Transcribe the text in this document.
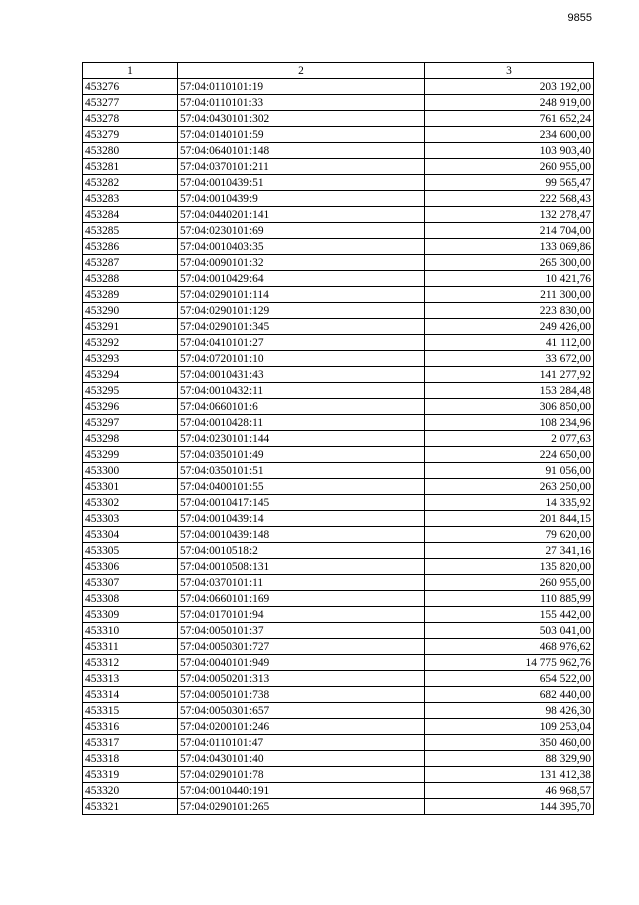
9855
1	2	3
453276	57:04:0110101:19	203 192,00
453277	57:04:0110101:33	248 919,00
453278	57:04:0430101:302	761 652,24
453279	57:04:0140101:59	234 600,00
453280	57:04:0640101:148	103 903,40
453281	57:04:0370101:211	260 955,00
453282	57:04:0010439:51	99 565,47
453283	57:04:0010439:9	222 568,43
453284	57:04:0440201:141	132 278,47
453285	57:04:0230101:69	214 704,00
453286	57:04:0010403:35	133 069,86
453287	57:04:0090101:32	265 300,00
453288	57:04:0010429:64	10 421,76
453289	57:04:0290101:114	211 300,00
453290	57:04:0290101:129	223 830,00
453291	57:04:0290101:345	249 426,00
453292	57:04:0410101:27	41 112,00
453293	57:04:0720101:10	33 672,00
453294	57:04:0010431:43	141 277,92
453295	57:04:0010432:11	153 284,48
453296	57:04:0660101:6	306 850,00
453297	57:04:0010428:11	108 234,96
453298	57:04:0230101:144	2 077,63
453299	57:04:0350101:49	224 650,00
453300	57:04:0350101:51	91 056,00
453301	57:04:0400101:55	263 250,00
453302	57:04:0010417:145	14 335,92
453303	57:04:0010439:14	201 844,15
453304	57:04:0010439:148	79 620,00
453305	57:04:0010518:2	27 341,16
453306	57:04:0010508:131	135 820,00
453307	57:04:0370101:11	260 955,00
453308	57:04:0660101:169	110 885,99
453309	57:04:0170101:94	155 442,00
453310	57:04:0050101:37	503 041,00
453311	57:04:0050301:727	468 976,62
453312	57:04:0040101:949	14 775 962,76
453313	57:04:0050201:313	654 522,00
453314	57:04:0050101:738	682 440,00
453315	57:04:0050301:657	98 426,30
453316	57:04:0200101:246	109 253,04
453317	57:04:0110101:47	350 460,00
453318	57:04:0430101:40	88 329,90
453319	57:04:0290101:78	131 412,38
453320	57:04:0010440:191	46 968,57
453321	57:04:0290101:265	144 395,70
